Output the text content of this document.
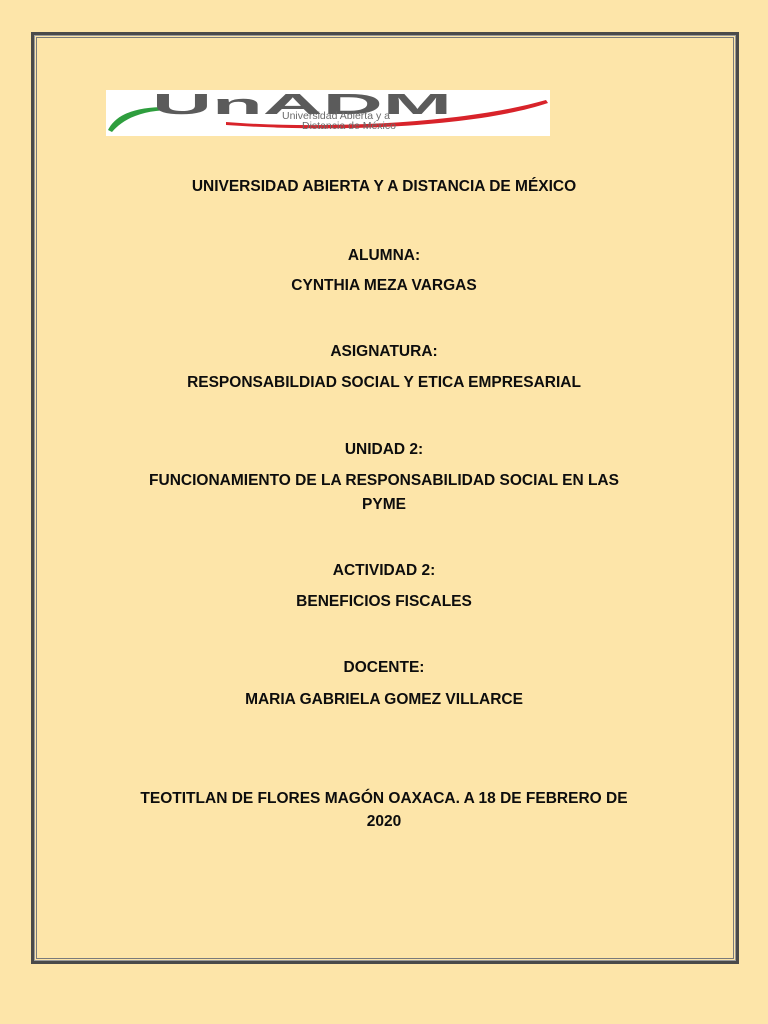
UnADM
Universidad Abierta y a
Distancia de México

UNIVERSIDAD ABIERTA Y A DISTANCIA DE MÉXICO

ALUMNA:

CYNTHIA MEZA VARGAS

ASIGNATURA:

RESPONSABILDIAD SOCIAL Y ETICA EMPRESARIAL

UNIDAD 2:

FUNCIONAMIENTO DE LA RESPONSABILIDAD SOCIAL EN LAS

PYME

ACTIVIDAD 2:

BENEFICIOS FISCALES

DOCENTE:

MARIA GABRIELA GOMEZ VILLARCE

TEOTITLAN DE FLORES MAGÓN OAXACA. A 18 DE FEBRERO DE

2020
